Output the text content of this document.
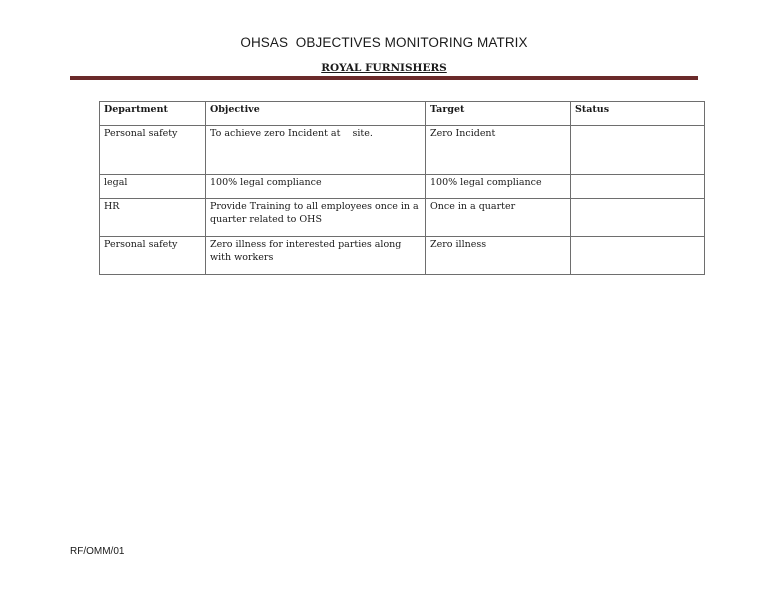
OHSAS  OBJECTIVES MONITORING MATRIX
ROYAL FURNISHERS
Department	Objective	Target	Status
Personal safety	To achieve zero Incident at    site.	Zero Incident	
legal	100% legal compliance	100% legal compliance	
HR	Provide Training to all employees once in a quarter related to OHS	Once in a quarter	
Personal safety	Zero illness for interested parties along with workers	Zero illness	
RF/OMM/01
